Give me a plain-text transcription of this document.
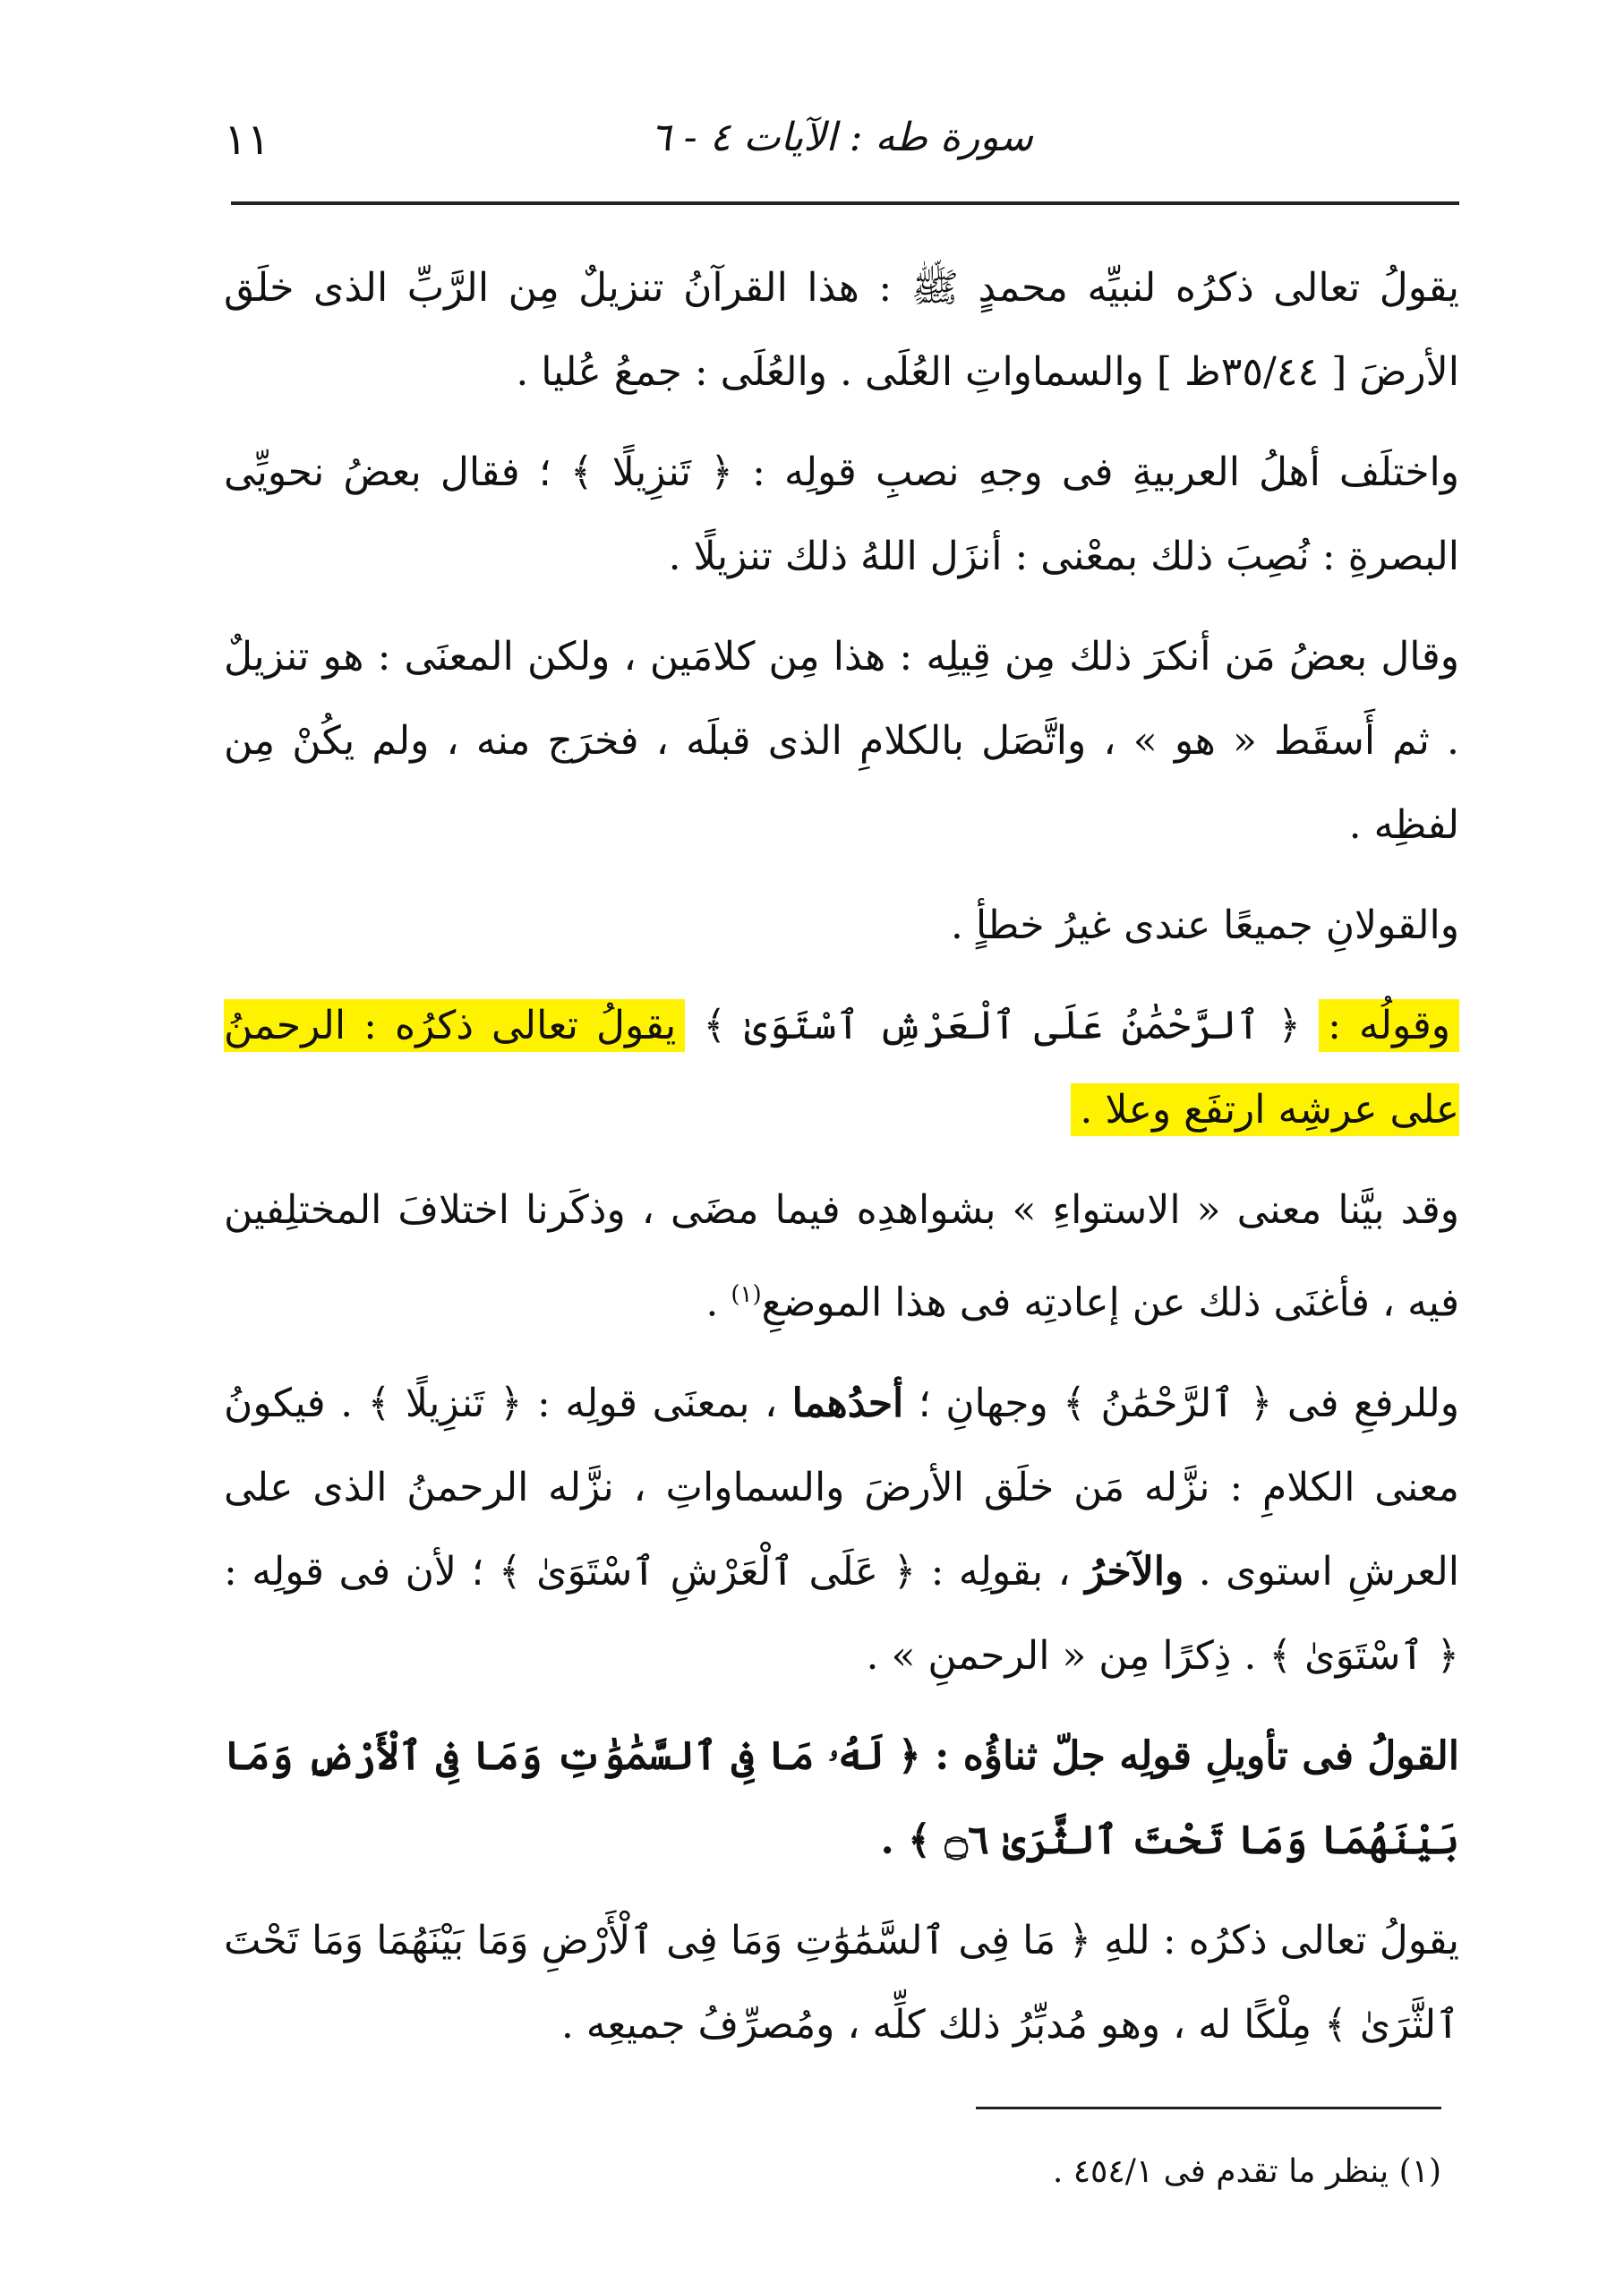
١١	سورة طه : الآيات ٤ - ٦

يقولُ تعالى ذكرُه لنبيِّه محمدٍ ﷺ : هذا القرآنُ تنزيلٌ مِن الرَّبِّ الذى خلَق الأرضَ [ ٣٥/٤٤ظ ] والسماواتِ العُلَى . والعُلَى : جمعُ عُليا .

واختلَف أهلُ العربيةِ فى وجهِ نصبِ قولِه : ﴿ تَنزِيلًا ﴾ ؛ فقال بعضُ نحويِّى البصرةِ : نُصِبَ ذلك بمعْنى : أنزَل اللهُ ذلك تنزيلًا .

وقال بعضُ مَن أنكرَ ذلك مِن قِيلِه : هذا مِن كلامَين ، ولكن المعنَى : هو تنزيلٌ . ثم أَسقَط « هو » ، واتَّصَل بالكلامِ الذى قبلَه ، فخرَج منه ، ولم يكُنْ مِن لفظِه .

والقولانِ جميعًا عندى غيرُ خطأٍ .

وقولُه : ﴿ ٱلرَّحْمَٰنُ عَلَى ٱلْعَرْشِ ٱسْتَوَىٰ ﴾ يقولُ تعالى ذكرُه : الرحمنُ على عرشِه ارتفَع وعلا .

وقد بيَّنا معنى « الاستواءِ » بشواهدِه فيما مضَى ، وذكَرنا اختلافَ المختلِفين فيه ، فأغنَى ذلك عن إعادتِه فى هذا الموضعِ$^{(١)}$ .

وللرفعِ فى ﴿ ٱلرَّحْمَٰنُ ﴾ وجهانِ ؛ أحدُهما ، بمعنَى قولِه : ﴿ تَنزِيلًا ﴾ . فيكونُ معنى الكلامِ : نزَّله مَن خلَق الأرضَ والسماواتِ ، نزَّله الرحمنُ الذى على العرشِ استوى . والآخرُ ، بقولِه : ﴿ عَلَى ٱلْعَرْشِ ٱسْتَوَىٰ ﴾ ؛ لأن فى قولِه : ﴿ ٱسْتَوَىٰ ﴾ . ذِكرًا مِن « الرحمنِ » .

القولُ فى تأويلِ قولِه جلّ ثناؤُه : ﴿ لَهُۥ مَا فِى ٱلسَّمَٰوَٰتِ وَمَا فِى ٱلْأَرْضِ وَمَا بَيْنَهُمَا وَمَا تَحْتَ ٱلثَّرَىٰ ۝٦ ﴾ .

يقولُ تعالى ذكرُه : للهِ ﴿ مَا فِى ٱلسَّمَٰوَٰتِ وَمَا فِى ٱلْأَرْضِ وَمَا بَيْنَهُمَا وَمَا تَحْتَ ٱلثَّرَىٰ ﴾ مِلْكًا له ، وهو مُدبِّرُ ذلك كلِّه ، ومُصرِّفُ جميعِه .

(١) ينظر ما تقدم فى ٤٥٤/١ .
